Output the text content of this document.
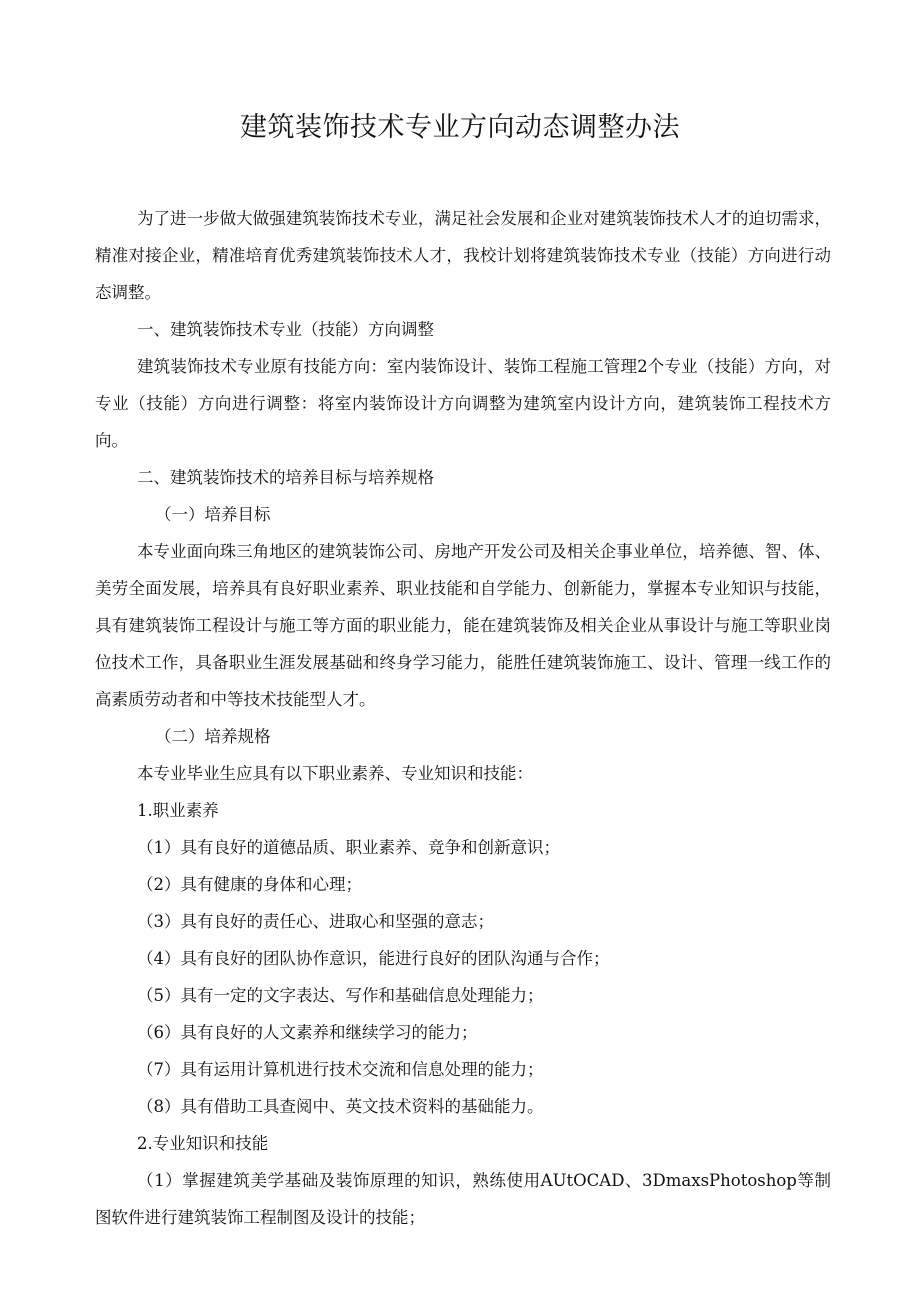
建筑装饰技术专业方向动态调整办法

为了进一步做大做强建筑装饰技术专业，满足社会发展和企业对建筑装饰技术人才的迫切需求，精准对接企业，精准培育优秀建筑装饰技术人才，我校计划将建筑装饰技术专业（技能）方向进行动态调整。

一、建筑装饰技术专业（技能）方向调整

建筑装饰技术专业原有技能方向：室内装饰设计、装饰工程施工管理2个专业（技能）方向，对专业（技能）方向进行调整：将室内装饰设计方向调整为建筑室内设计方向，建筑装饰工程技术方向。

二、建筑装饰技术的培养目标与培养规格

（一）培养目标

本专业面向珠三角地区的建筑装饰公司、房地产开发公司及相关企事业单位，培养德、智、体、美劳全面发展，培养具有良好职业素养、职业技能和自学能力、创新能力，掌握本专业知识与技能，具有建筑装饰工程设计与施工等方面的职业能力，能在建筑装饰及相关企业从事设计与施工等职业岗位技术工作，具备职业生涯发展基础和终身学习能力，能胜任建筑装饰施工、设计、管理一线工作的高素质劳动者和中等技术技能型人才。

（二）培养规格

本专业毕业生应具有以下职业素养、专业知识和技能：

1.职业素养

（1）具有良好的道德品质、职业素养、竞争和创新意识；

（2）具有健康的身体和心理；

（3）具有良好的责任心、进取心和坚强的意志；

（4）具有良好的团队协作意识，能进行良好的团队沟通与合作；

（5）具有一定的文字表达、写作和基础信息处理能力；

（6）具有良好的人文素养和继续学习的能力；

（7）具有运用计算机进行技术交流和信息处理的能力；

（8）具有借助工具查阅中、英文技术资料的基础能力。

2.专业知识和技能

（1）掌握建筑美学基础及装饰原理的知识，熟练使用AUtOCAD、3DmaxsPhotoshop等制图软件进行建筑装饰工程制图及设计的技能；
